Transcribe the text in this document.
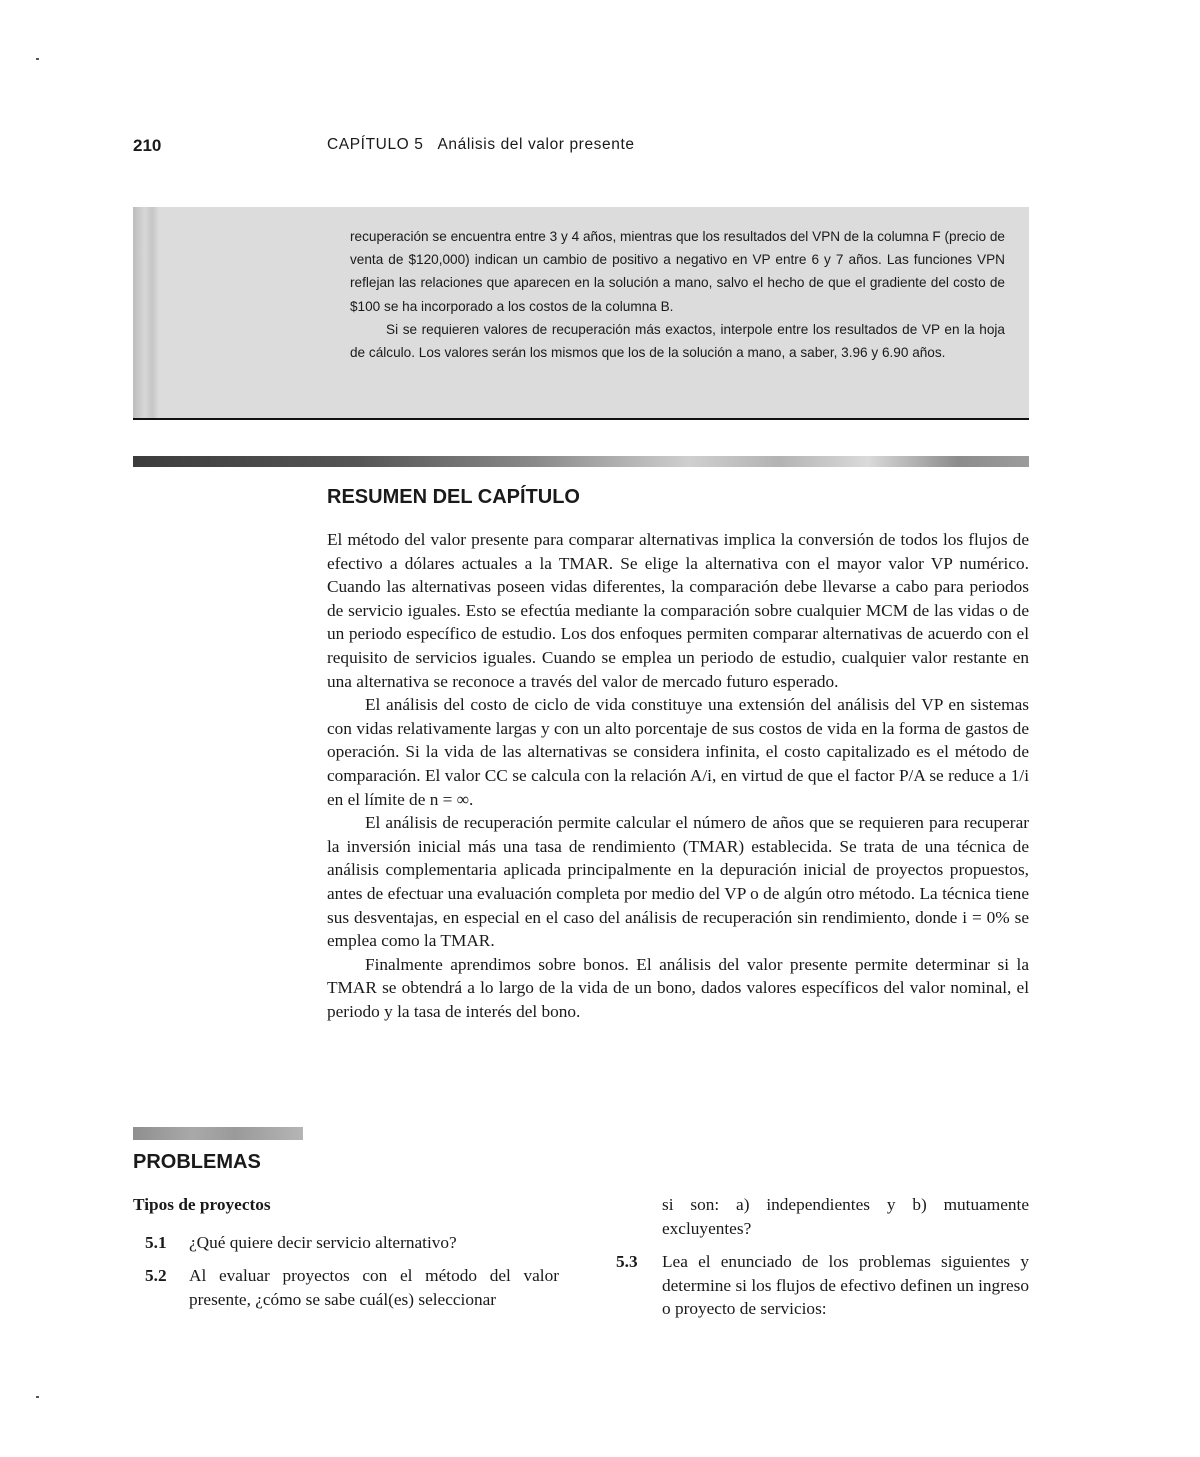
210	CAPÍTULO 5 Análisis del valor presente

recuperación se encuentra entre 3 y 4 años, mientras que los resultados del VPN de la columna F (precio de venta de $120,000) indican un cambio de positivo a negativo en VP entre 6 y 7 años. Las funciones VPN reflejan las relaciones que aparecen en la solución a mano, salvo el hecho de que el gradiente del costo de $100 se ha incorporado a los costos de la columna B.

Si se requieren valores de recuperación más exactos, interpole entre los resultados de VP en la hoja de cálculo. Los valores serán los mismos que los de la solución a mano, a saber, 3.96 y 6.90 años.

RESUMEN DEL CAPÍTULO

El método del valor presente para comparar alternativas implica la conversión de todos los flujos de efectivo a dólares actuales a la TMAR. Se elige la alternativa con el mayor valor VP numérico. Cuando las alternativas poseen vidas diferentes, la comparación debe llevarse a cabo para periodos de servicio iguales. Esto se efectúa mediante la comparación sobre cualquier MCM de las vidas o de un periodo específico de estudio. Los dos enfoques permiten comparar alternativas de acuerdo con el requisito de servicios iguales. Cuando se emplea un periodo de estudio, cualquier valor restante en una alternativa se reconoce a través del valor de mercado futuro esperado.

El análisis del costo de ciclo de vida constituye una extensión del análisis del VP en sistemas con vidas relativamente largas y con un alto porcentaje de sus costos de vida en la forma de gastos de operación. Si la vida de las alternativas se considera infinita, el costo capitalizado es el método de comparación. El valor CC se calcula con la relación A/i, en virtud de que el factor P/A se reduce a 1/i en el límite de n = ∞.

El análisis de recuperación permite calcular el número de años que se requieren para recuperar la inversión inicial más una tasa de rendimiento (TMAR) establecida. Se trata de una técnica de análisis complementaria aplicada principalmente en la depuración inicial de proyectos propuestos, antes de efectuar una evaluación completa por medio del VP o de algún otro método. La técnica tiene sus desventajas, en especial en el caso del análisis de recuperación sin rendimiento, donde i = 0% se emplea como la TMAR.

Finalmente aprendimos sobre bonos. El análisis del valor presente permite determinar si la TMAR se obtendrá a lo largo de la vida de un bono, dados valores específicos del valor nominal, el periodo y la tasa de interés del bono.

PROBLEMAS

Tipos de proyectos

5.1	¿Qué quiere decir servicio alternativo?
5.2	Al evaluar proyectos con el método del valor presente, ¿cómo se sabe cuál(es) seleccionar
si son: a) independientes y b) mutuamente excluyentes?
5.3	Lea el enunciado de los problemas siguientes y determine si los flujos de efectivo definen un ingreso o proyecto de servicios:
